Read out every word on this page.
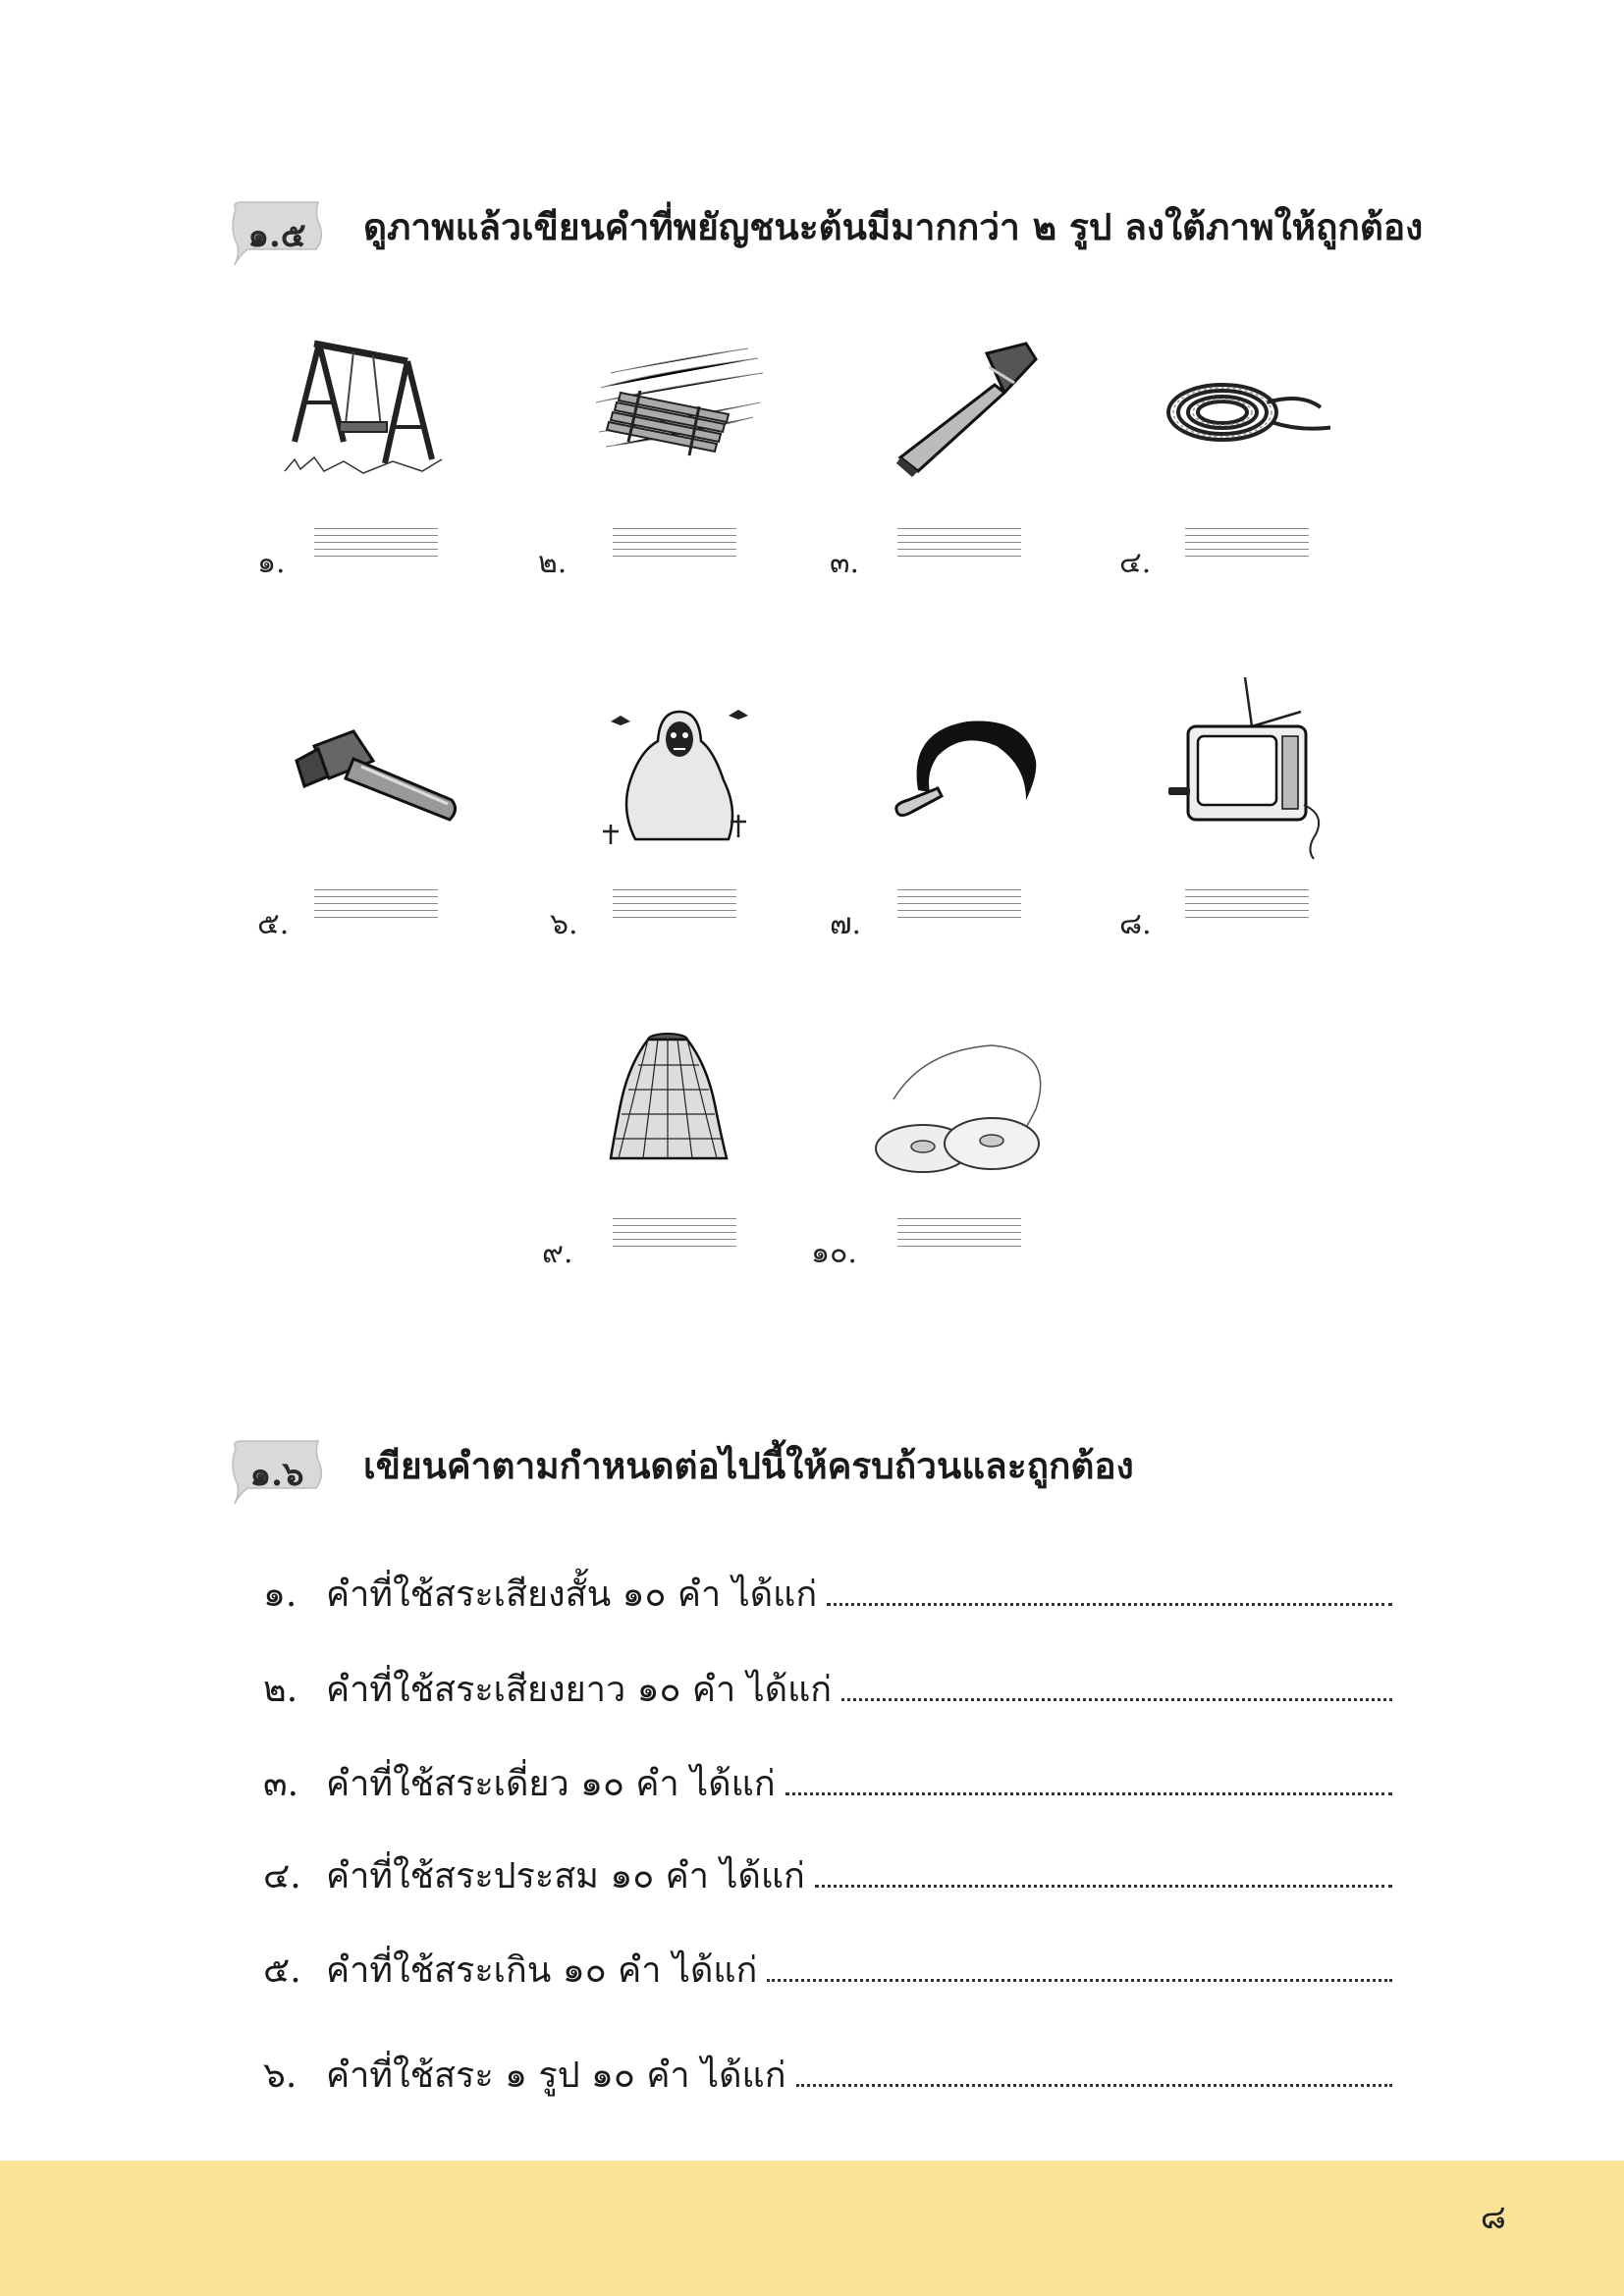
๑.๕	ดูภาพแล้วเขียนคำที่พยัญชนะต้นมีมากกว่า ๒ รูป ลงใต้ภาพให้ถูกต้อง
๑.	๒.	๓.	๔.
๕.	๖.	๗.	๘.
๙.	๑๐.
๑.๖	เขียนคำตามกำหนดต่อไปนี้ให้ครบถ้วนและถูกต้อง
๑. คำที่ใช้สระเสียงสั้น ๑๐ คำ ได้แก่
๒. คำที่ใช้สระเสียงยาว ๑๐ คำ ได้แก่
๓. คำที่ใช้สระเดี่ยว ๑๐ คำ ได้แก่
๔. คำที่ใช้สระประสม ๑๐ คำ ได้แก่
๕. คำที่ใช้สระเกิน ๑๐ คำ ได้แก่
๖. คำที่ใช้สระ ๑ รูป ๑๐ คำ ได้แก่
๘
